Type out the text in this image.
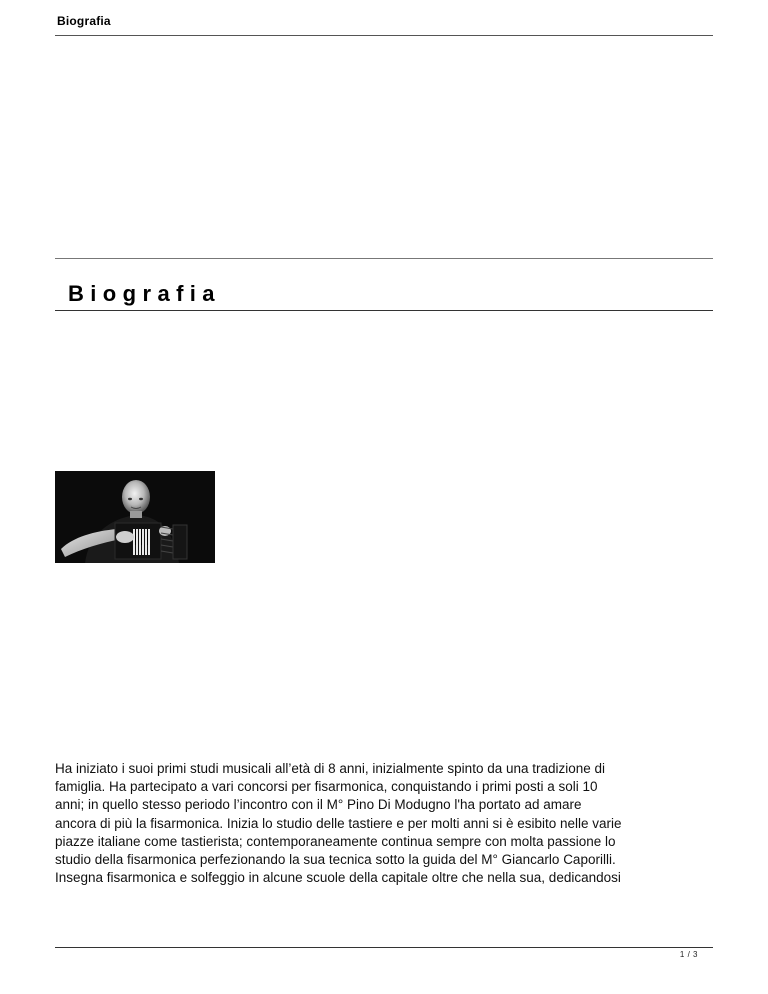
Biografia
Biografia

Ha iniziato i suoi primi studi musicali all’età di 8 anni, inizialmente spinto da una tradizione di
famiglia. Ha partecipato a vari concorsi per fisarmonica, conquistando i primi posti a soli 10
anni; in quello stesso periodo l’incontro con il M° Pino Di Modugno l'ha portato ad amare
ancora di più la fisarmonica. Inizia lo studio delle tastiere e per molti anni si è esibito nelle varie
piazze italiane come tastierista; contemporaneamente continua sempre con molta passione lo
studio della fisarmonica perfezionando la sua tecnica sotto la guida del M° Giancarlo Caporilli.
Insegna fisarmonica e solfeggio in alcune scuole della capitale oltre che nella sua, dedicandosi

1 / 3
